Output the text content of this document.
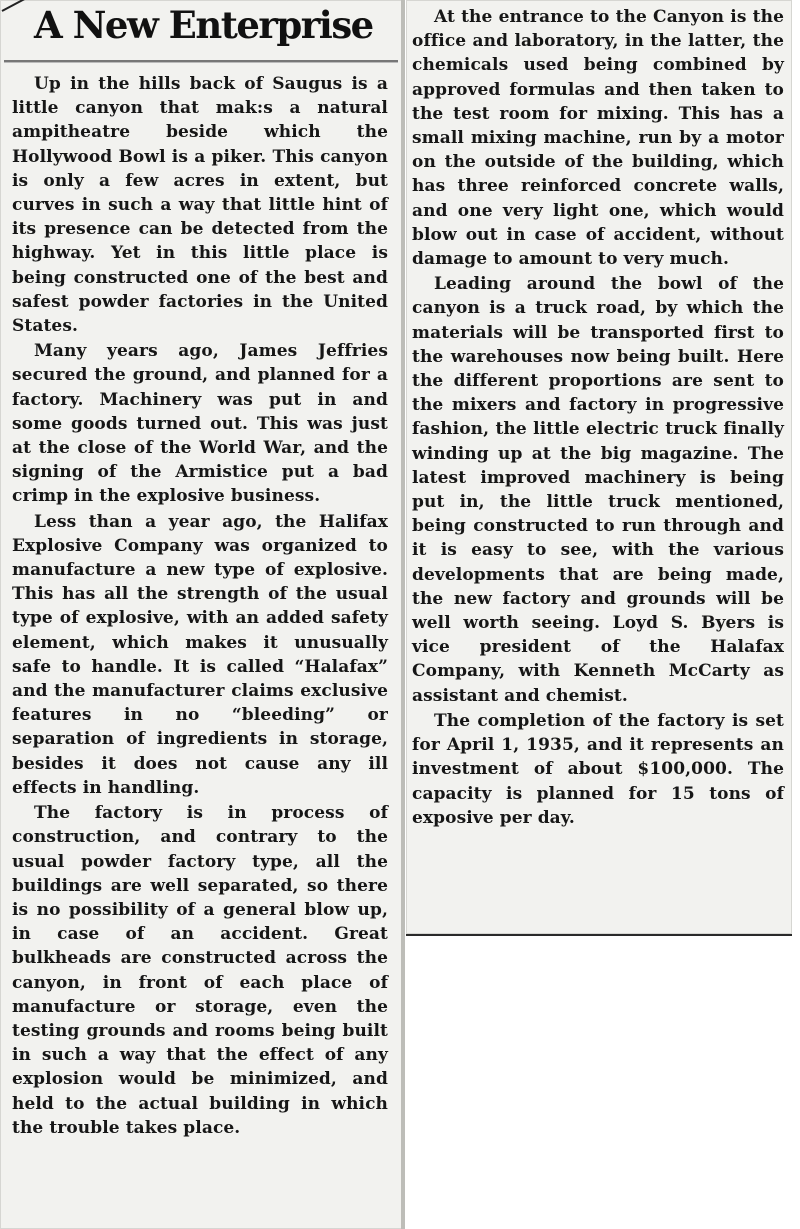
A New Enterprise

Up in the hills back of Saugus is a little canyon that mak:s a natural ampitheatre beside which the Hollywood Bowl is a piker. This canyon is only a few acres in extent, but curves in such a way that little hint of its presence can be detected from the highway. Yet in this little place is being constructed one of the best and safest powder factories in the United States.

Many years ago, James Jeffries secured the ground, and planned for a factory. Machinery was put in and some goods turned out. This was just at the close of the World War, and the signing of the Armistice put a bad crimp in the explosive business.

Less than a year ago, the Halifax Explosive Company was organized to manufacture a new type of explosive. This has all the strength of the usual type of explosive, with an added safety element, which makes it unusually safe to handle. It is called “Halafax” and the manufacturer claims exclusive features in no “bleeding” or separation of ingredients in storage, besides it does not cause any ill effects in handling.

The factory is in process of construction, and contrary to the usual powder factory type, all the buildings are well separated, so there is no possibility of a general blow up, in case of an accident. Great bulkheads are constructed across the canyon, in front of each place of manufacture or storage, even the testing grounds and rooms being built in such a way that the effect of any explosion would be minimized, and held to the actual building in which the trouble takes place.

At the entrance to the Canyon is the office and laboratory, in the latter, the chemicals used being combined by approved formulas and then taken to the test room for mixing. This has a small mixing machine, run by a motor on the outside of the building, which has three reinforced concrete walls, and one very light one, which would blow out in case of accident, without damage to amount to very much.

Leading around the bowl of the canyon is a truck road, by which the materials will be transported first to the warehouses now being built. Here the different proportions are sent to the mixers and factory in progressive fashion, the little electric truck finally winding up at the big magazine. The latest improved machinery is being put in, the little truck mentioned, being constructed to run through and it is easy to see, with the various developments that are being made, the new factory and grounds will be well worth seeing. Loyd S. Byers is vice president of the Halafax Company, with Kenneth McCarty as assistant and chemist.

The completion of the factory is set for April 1, 1935, and it represents an investment of about $100,000. The capacity is planned for 15 tons of exposive per day.
